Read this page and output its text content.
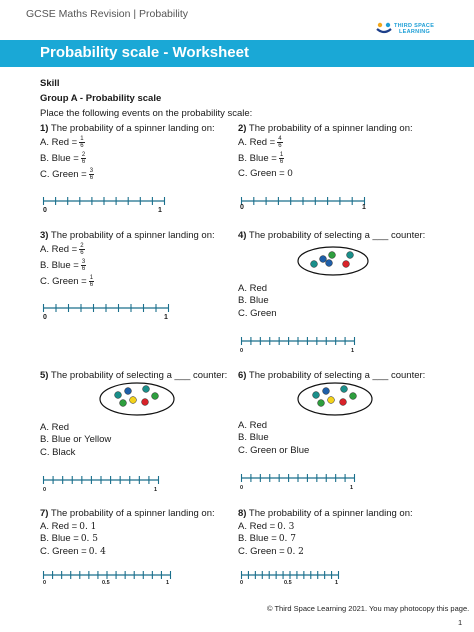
GCSE Maths Revision | Probability
THIRD SPACE
LEARNING
Probability scale - Worksheet
Skill
Group A - Probability scale
Place the following events on the probability scale:
1) The probability of a spinner landing on:
A. Red = $\frac{1}{6}$
B. Blue = $\frac{2}{6}$
C. Green = $\frac{3}{6}$
0	1
2) The probability of a spinner landing on:
A. Red = $\frac{4}{6}$
B. Blue = $\frac{1}{6}$
C. Green = 0
0	1
3) The probability of a spinner landing on:
A. Red = $\frac{2}{6}$
B. Blue = $\frac{3}{6}$
C. Green = $\frac{1}{6}$
0	1
4) The probability of selecting a ___ counter:
A. Red
B. Blue
C. Green
0	1
5) The probability of selecting a ___ counter:
A. Red
B. Blue or Yellow
C. Black
0	1
6) The probability of selecting a ___ counter:
A. Red
B. Blue
C. Green or Blue
0	1
7) The probability of a spinner landing on:
A. Red = 0. 1
B. Blue = 0. 5
C. Green = 0. 4
0	0.5	1
8) The probability of a spinner landing on:
A. Red = 0. 3
B. Blue = 0. 7
C. Green = 0. 2
0	0.5	1
© Third Space Learning 2021. You may photocopy this page.
1
